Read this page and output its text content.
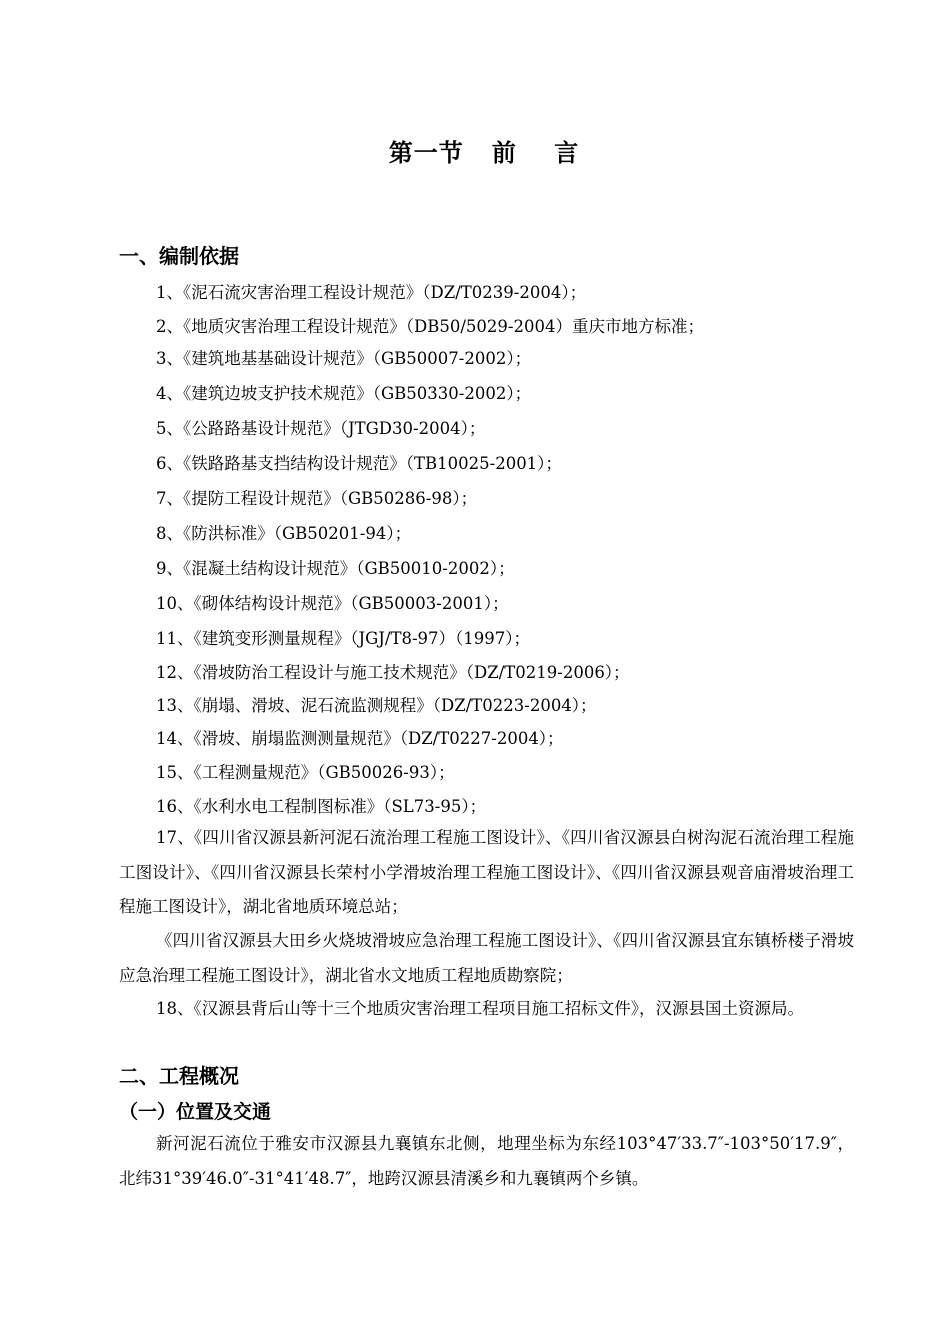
第一节   前    言
一、编制依据
1、《泥石流灾害治理工程设计规范》（DZ/T0239-2004）；
2、《地质灾害治理工程设计规范》（DB50/5029-2004）重庆市地方标准；
3、《建筑地基基础设计规范》（GB50007-2002）；
4、《建筑边坡支护技术规范》（GB50330-2002）；
5、《公路路基设计规范》（JTGD30-2004）；
6、《铁路路基支挡结构设计规范》（TB10025-2001）；
7、《提防工程设计规范》（GB50286-98）；
8、《防洪标准》（GB50201-94）；
9、《混凝土结构设计规范》（GB50010-2002）；
10、《砌体结构设计规范》（GB50003-2001）；
11、《建筑变形测量规程》（JGJ/T8-97）（1997）；
12、《滑坡防治工程设计与施工技术规范》（DZ/T0219-2006）；
13、《崩塌、滑坡、泥石流监测规程》（DZ/T0223-2004）；
14、《滑坡、崩塌监测测量规范》（DZ/T0227-2004）；
15、《工程测量规范》（GB50026-93）；
16、《水利水电工程制图标准》（SL73-95）；
17、《四川省汉源县新河泥石流治理工程施工图设计》、《四川省汉源县白树沟泥石流治理工程施工图设计》、《四川省汉源县长荣村小学滑坡治理工程施工图设计》、《四川省汉源县观音庙滑坡治理工程施工图设计》，湖北省地质环境总站；
《四川省汉源县大田乡火烧坡滑坡应急治理工程施工图设计》、《四川省汉源县宜东镇桥楼子滑坡应急治理工程施工图设计》，湖北省水文地质工程地质勘察院；
18、《汉源县背后山等十三个地质灾害治理工程项目施工招标文件》，汉源县国土资源局。
二、工程概况
（一）位置及交通
新河泥石流位于雅安市汉源县九襄镇东北侧，地理坐标为东经103°47′33.7″-103°50′17.9″，北纬31°39′46.0″-31°41′48.7″，地跨汉源县清溪乡和九襄镇两个乡镇。
